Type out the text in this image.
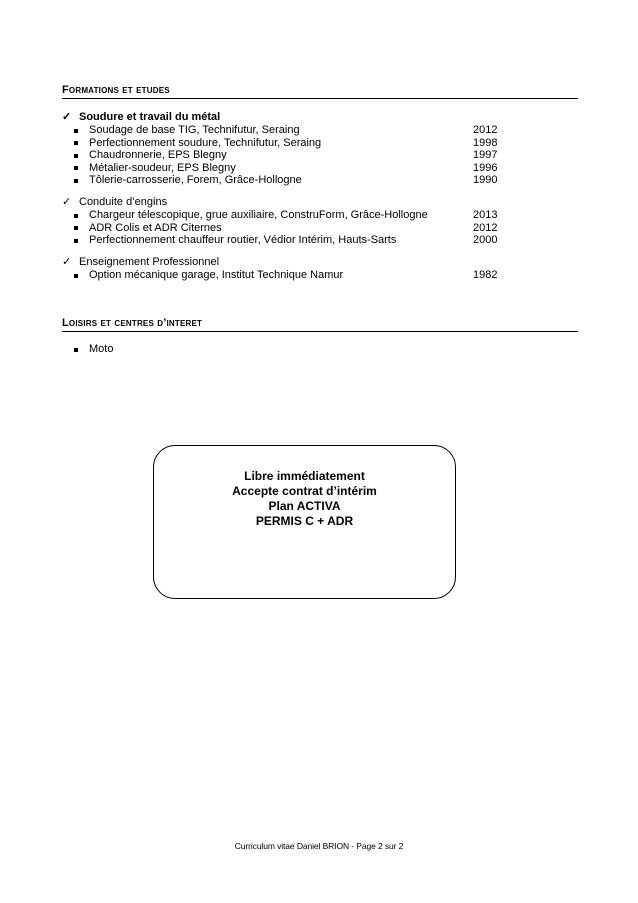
Formations et etudes
✓ Soudure et travail du métal
Soudage de base TIG, Technifutur, Seraing	2012
Perfectionnement soudure, Technifutur, Seraing	1998
Chaudronnerie, EPS Blegny	1997
Métalier-soudeur, EPS Blegny	1996
Tôlerie-carrosserie, Forem, Grâce-Hollogne	1990
✓ Conduite d’engins
Chargeur télescopique, grue auxiliaire, ConstruForm, Grâce-Hollogne	2013
ADR Colis et ADR Citernes	2012
Perfectionnement chauffeur routier, Védior Intérim, Hauts-Sarts	2000
✓ Enseignement Professionnel
Option mécanique garage, Institut Technique Namur	1982
Loisirs et centres d’interet
Moto
Libre immédiatement
Accepte contrat d’intérim
Plan ACTIVA
PERMIS C + ADR
Curriculum vitae Daniel BRION - Page 2 sur 2
